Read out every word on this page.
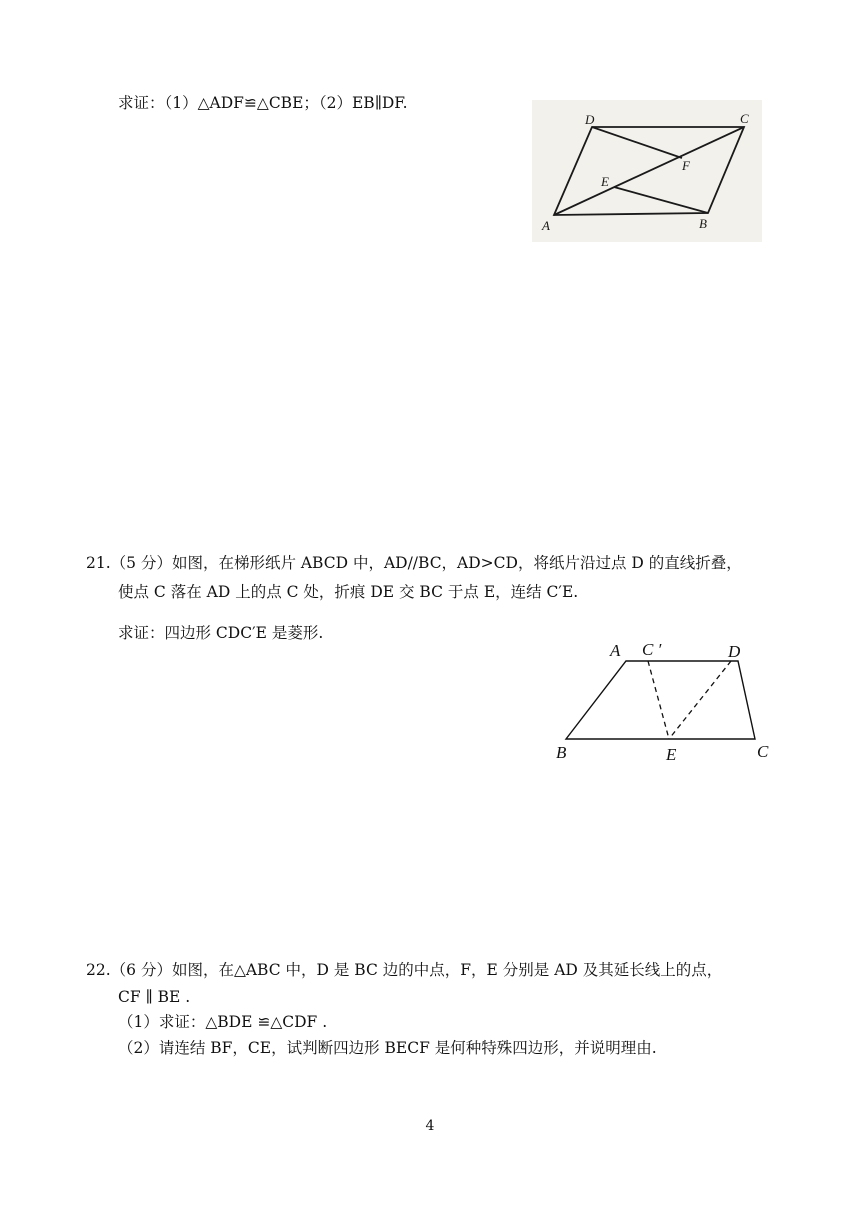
求证：（1）△ADF≌△CBE；（2）EB∥DF.
D	C
F
E
A	B
21.（5 分）如图，在梯形纸片 ABCD 中，AD//BC，AD>CD，将纸片沿过点 D 的直线折叠，
使点 C 落在 AD 上的点 C 处，折痕 DE 交 BC 于点 E，连结 C′E.
求证：四边形 CDC′E 是菱形.
A C ′	D
B	E	C
22.（6 分）如图，在△ABC 中，D 是 BC 边的中点，F，E 分别是 AD 及其延长线上的点，
CF ∥ BE .
（1）求证：△BDE ≌△CDF .
（2）请连结 BF，CE，试判断四边形 BECF 是何种特殊四边形，并说明理由.
4
